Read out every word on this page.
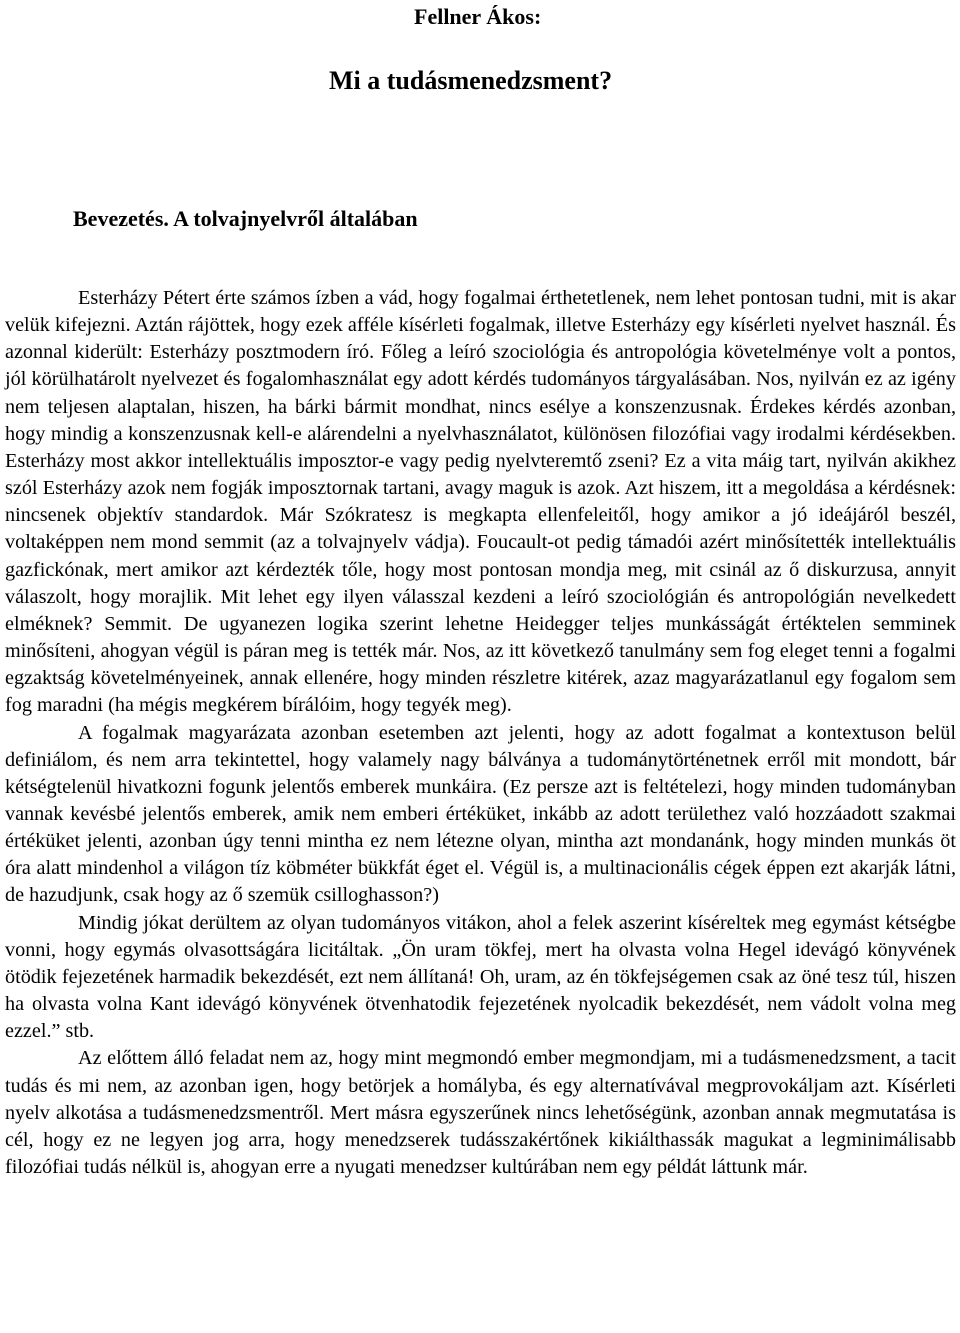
Fellner Ákos:

Mi a tudásmenedzsment?
Bevezetés. A tolvajnyelvről általában

Esterházy Pétert érte számos ízben a vád, hogy fogalmai érthetetlenek, nem lehet pontosan tudni, mit is akar velük kifejezni. Aztán rájöttek, hogy ezek afféle kísérleti fogalmak, illetve Esterházy egy kísérleti nyelvet használ. És azonnal kiderült: Esterházy posztmodern író. Főleg a leíró szociológia és antropológia követelménye volt a pontos, jól körülhatárolt nyelvezet és fogalomhasználat egy adott kérdés tudományos tárgyalásában. Nos, nyilván ez az igény nem teljesen alaptalan, hiszen, ha bárki bármit mondhat, nincs esélye a konszenzusnak. Érdekes kérdés azonban, hogy mindig a konszenzusnak kell-e alárendelni a nyelvhasználatot, különösen filozófiai vagy irodalmi kérdésekben. Esterházy most akkor intellektuális imposztor-e vagy pedig nyelvteremtő zseni? Ez a vita máig tart, nyilván akikhez szól Esterházy azok nem fogják imposztornak tartani, avagy maguk is azok. Azt hiszem, itt a megoldása a kérdésnek: nincsenek objektív standardok. Már Szókratesz is megkapta ellenfeleitől, hogy amikor a jó ideájáról beszél, voltaképpen nem mond semmit (az a tolvajnyelv vádja). Foucault-ot pedig támadói azért minősítették intellektuális gazfickónak, mert amikor azt kérdezték tőle, hogy most pontosan mondja meg, mit csinál az ő diskurzusa, annyit válaszolt, hogy morajlik. Mit lehet egy ilyen válasszal kezdeni a leíró szociológián és antropológián nevelkedett elméknek? Semmit. De ugyanezen logika szerint lehetne Heidegger teljes munkásságát értéktelen semminek minősíteni, ahogyan végül is páran meg is tették már. Nos, az itt következő tanulmány sem fog eleget tenni a fogalmi egzaktság követelményeinek, annak ellenére, hogy minden részletre kitérek, azaz magyarázatlanul egy fogalom sem fog maradni (ha mégis megkérem bírálóim, hogy tegyék meg).

A fogalmak magyarázata azonban esetemben azt jelenti, hogy az adott fogalmat a kontextuson belül definiálom, és nem arra tekintettel, hogy valamely nagy bálványa a tudománytörténetnek erről mit mondott, bár kétségtelenül hivatkozni fogunk jelentős emberek munkáira. (Ez persze azt is feltételezi, hogy minden tudományban vannak kevésbé jelentős emberek, amik nem emberi értéküket, inkább az adott területhez való hozzáadott szakmai értéküket jelenti, azonban úgy tenni mintha ez nem létezne olyan, mintha azt mondanánk, hogy minden munkás öt óra alatt mindenhol a világon tíz köbméter bükkfát éget el. Végül is, a multinacionális cégek éppen ezt akarják látni, de hazudjunk, csak hogy az ő szemük csilloghasson?)

Mindig jókat derültem az olyan tudományos vitákon, ahol a felek aszerint kíséreltek meg egymást kétségbe vonni, hogy egymás olvasottságára licitáltak. „Ön uram tökfej, mert ha olvasta volna Hegel idevágó könyvének ötödik fejezetének harmadik bekezdését, ezt nem állítaná! Oh, uram, az én tökfejségemen csak az öné tesz túl, hiszen ha olvasta volna Kant idevágó könyvének ötvenhatodik fejezetének nyolcadik bekezdését, nem vádolt volna meg ezzel.” stb.

Az előttem álló feladat nem az, hogy mint megmondó ember megmondjam, mi a tudásmenedzsment, a tacit tudás és mi nem, az azonban igen, hogy betörjek a homályba, és egy alternatívával megprovokáljam azt. Kísérleti nyelv alkotása a tudásmenedzsmentről. Mert másra egyszerűnek nincs lehetőségünk, azonban annak megmutatása is cél, hogy ez ne legyen jog arra, hogy menedzserek tudásszakértőnek kikiálthassák magukat a legminimálisabb filozófiai tudás nélkül is, ahogyan erre a nyugati menedzser kultúrában nem egy példát láttunk már.
